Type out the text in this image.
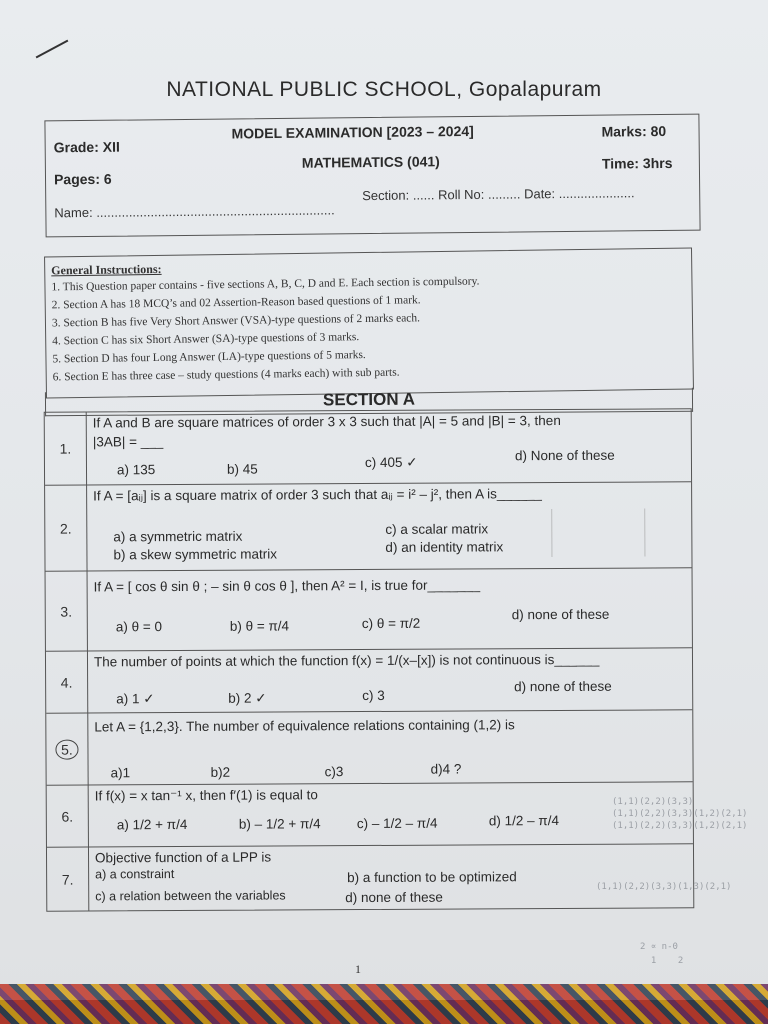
NATIONAL PUBLIC SCHOOL, Gopalapuram
Grade: XII
MODEL EXAMINATION [2023 – 2024]	Marks: 80
MATHEMATICS (041)
Pages: 6
Time: 3hrs
Name: ..................................................................
Section: ...... Roll No: ......... Date: .....................
General Instructions:
1. This Question paper contains - five sections A, B, C, D and E. Each section is compulsory.
2. Section A has 18 MCQ’s and 02 Assertion-Reason based questions of 1 mark.
3. Section B has five Very Short Answer (VSA)-type questions of 2 marks each.
4. Section C has six Short Answer (SA)-type questions of 3 marks.
5. Section D has four Long Answer (LA)-type questions of 5 marks.
6. Section E has three case – study questions (4 marks each) with sub parts.
SECTION A
1.
If A and B are square matrices of order 3 x 3 such that |A| = 5 and |B| = 3, then
|3AB| = ___
a) 135	b) 45	c) 405 ✓	d) None of these
2.
If A = [aᵢⱼ] is a square matrix of order 3 such that aᵢⱼ = i² – j², then A is______
a) a symmetric matrix
b) a skew symmetric matrix
c) a scalar matrix
d) an identity matrix
3.
If A = [ cos θ sin θ ; – sin θ cos θ ], then A² = I, is true for_______
a) θ = 0	b) θ = π/4	c) θ = π/2
d) none of these
4.
The number of points at which the function f(x) = 1/(x–[x]) is not continuous is______
a) 1 ✓	b) 2 ✓	c) 3
d) none of these
5.
Let A = {1,2,3}. The number of equivalence relations containing (1,2) is
a)1	b)2	c)3	d)4 ?
6.
If f(x) = x tan⁻¹ x, then f′(1) is equal to
a) 1/2 + π/4	b) – 1/2 + π/4	c) – 1/2 – π/4	d) 1/2 – π/4
7.
Objective function of a LPP is
a) a constraint	b) a function to be optimized
c) a relation between the variables	d) none of these
(1,1)(2,2)(3,3)
(1,1)(2,2)(3,3)(1,2)(2,1)
(1,1)(2,2)(3,3)(1,2)(2,1)
(1,1)(2,2)(3,3)(1,3)(2,1)
2 ∝ n-0
1    2
1
